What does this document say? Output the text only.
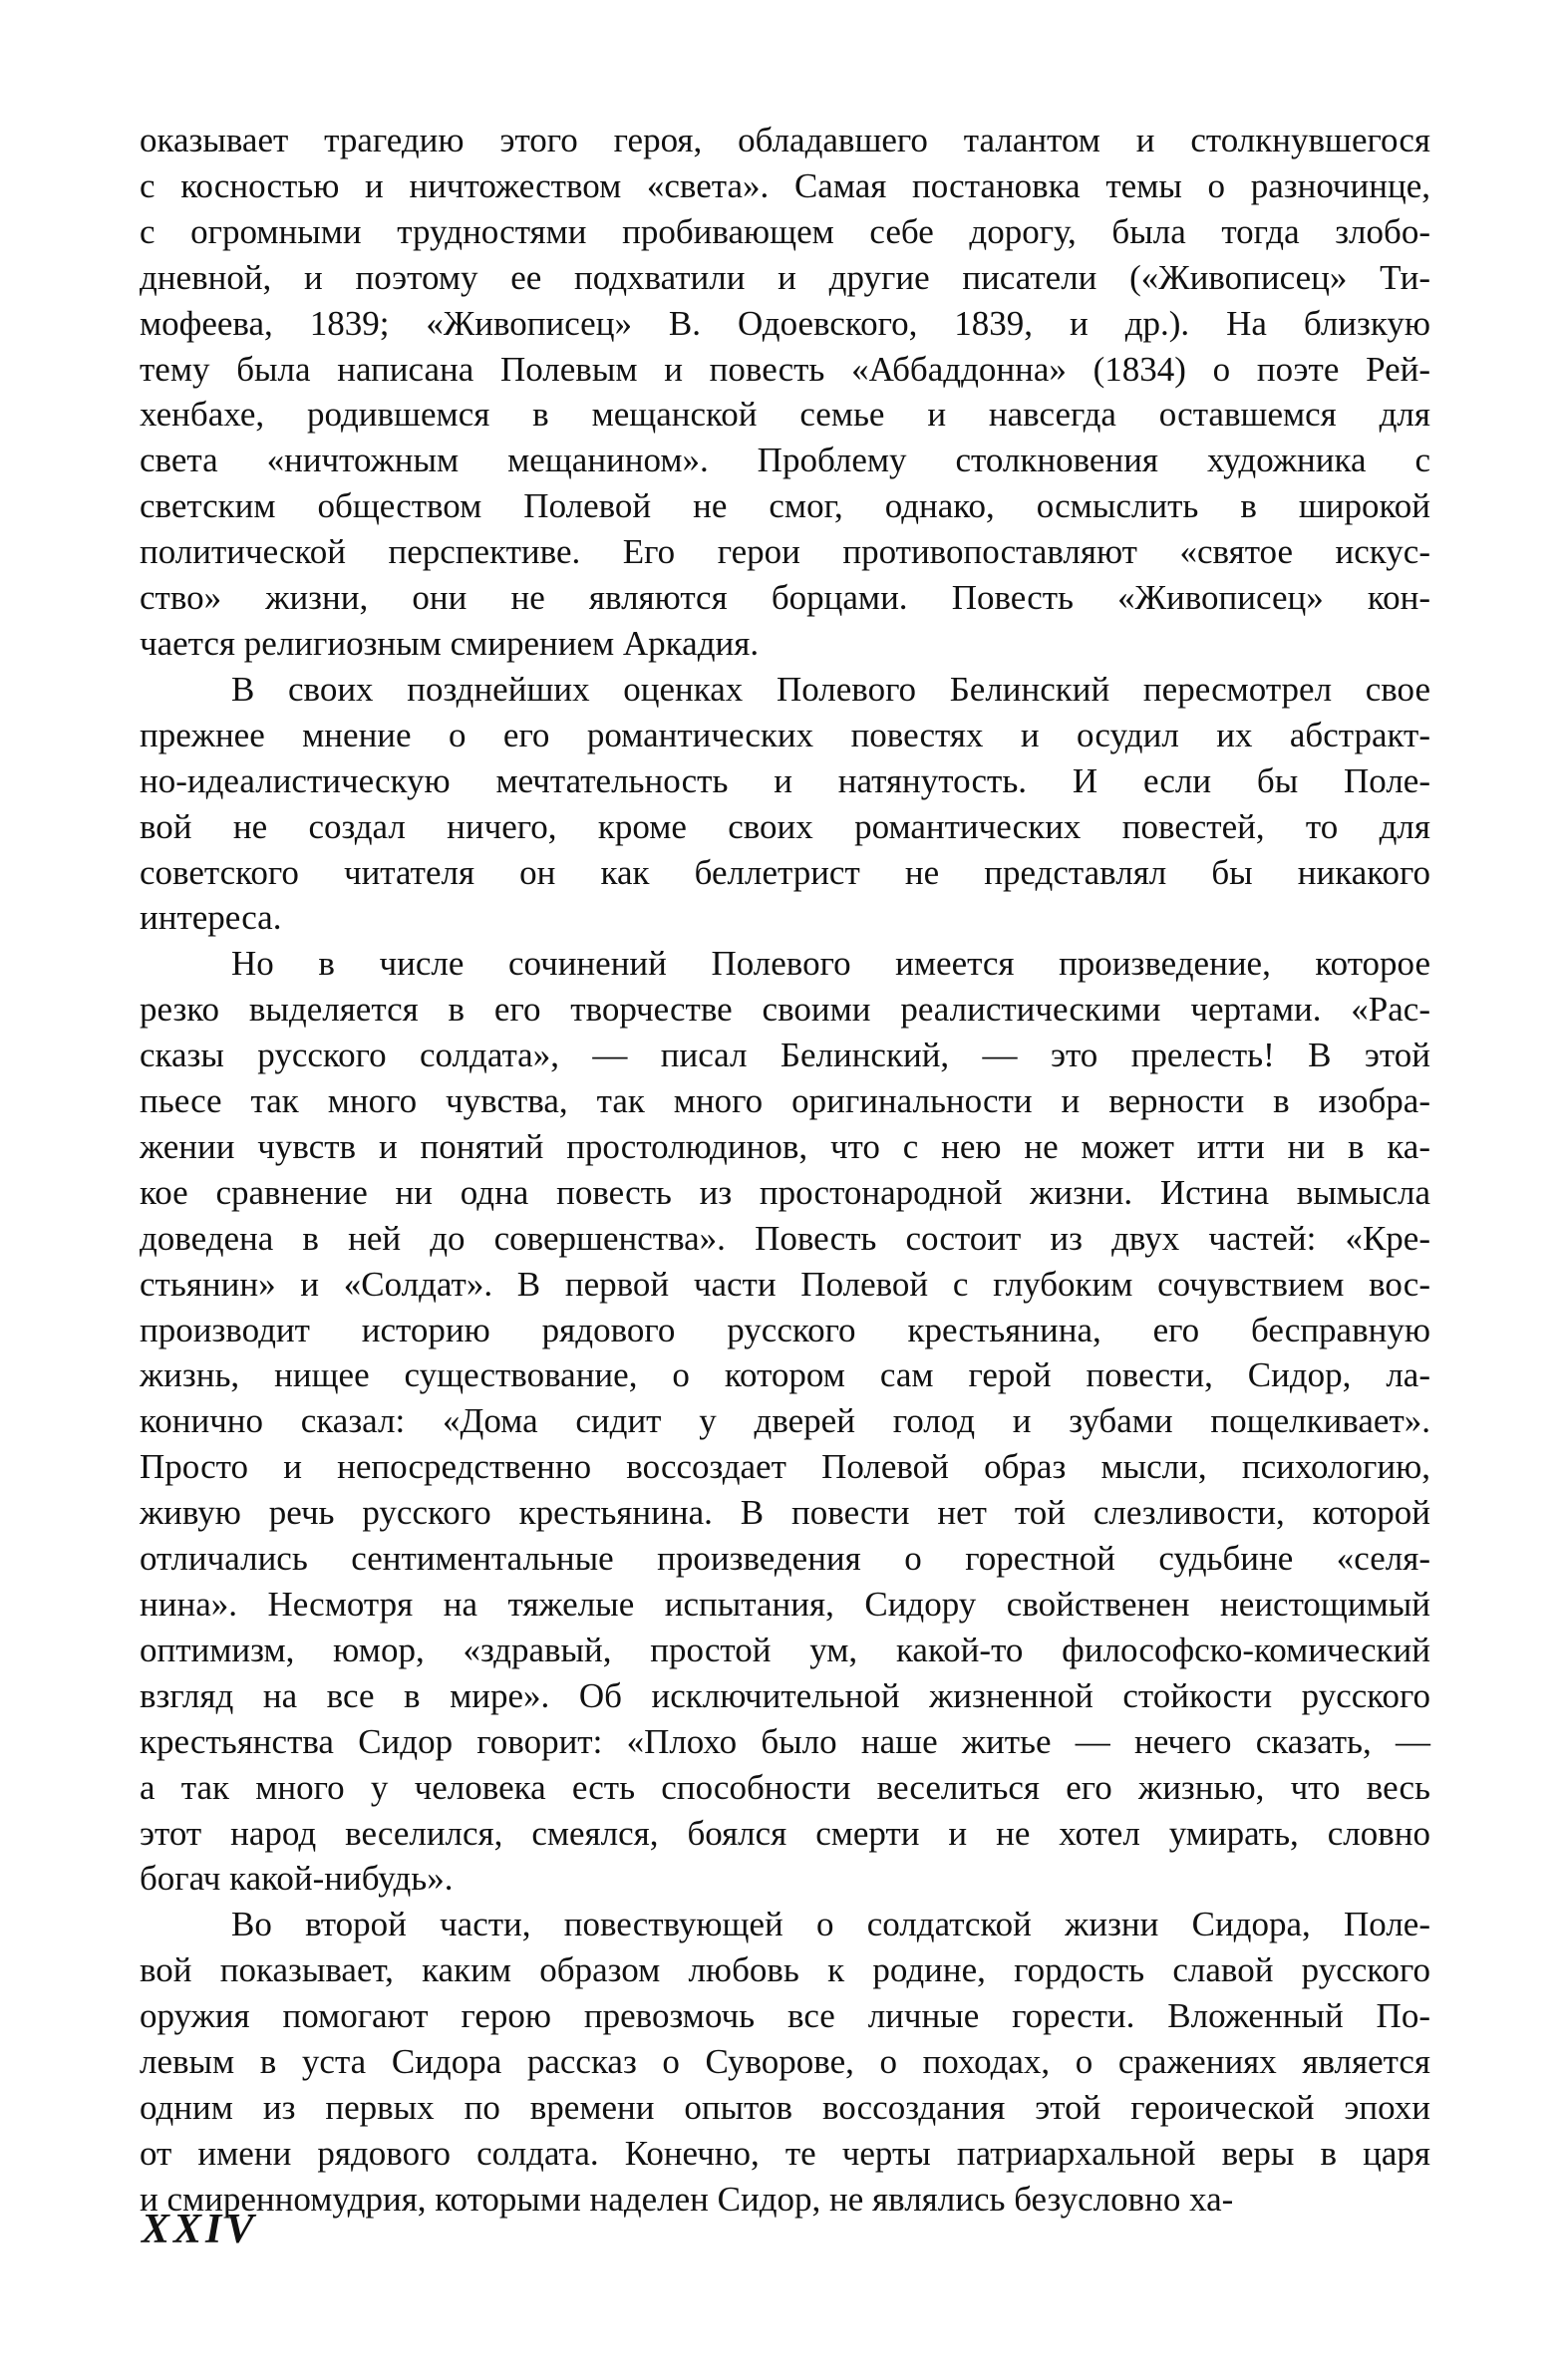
оказывает трагедию этого героя, обладавшего талантом и столкнувшегося
с косностью и ничтожеством «света». Самая постановка темы о разночинце,
с огромными трудностями пробивающем себе дорогу, была тогда злобо-
дневной, и поэтому ее подхватили и другие писатели («Живописец» Ти-
мофеева, 1839; «Живописец» В. Одоевского, 1839, и др.). На близкую
тему была написана Полевым и повесть «Аббаддонна» (1834) о поэте Рей-
хенбахе, родившемся в мещанской семье и навсегда оставшемся для
света «ничтожным мещанином». Проблему столкновения художника с
светским обществом Полевой не смог, однако, осмыслить в широкой
политической перспективе. Его герои противопоставляют «святое искус-
ство» жизни, они не являются борцами. Повесть «Живописец» кон-
чается религиозным смирением Аркадия.
В своих позднейших оценках Полевого Белинский пересмотрел свое
прежнее мнение о его романтических повестях и осудил их абстракт-
но-идеалистическую мечтательность и натянутость. И если бы Поле-
вой не создал ничего, кроме своих романтических повестей, то для
советского читателя он как беллетрист не представлял бы никакого
интереса.
Но в числе сочинений Полевого имеется произведение, которое
резко выделяется в его творчестве своими реалистическими чертами. «Рас-
сказы русского солдата», — писал Белинский, — это прелесть! В этой
пьесе так много чувства, так много оригинальности и верности в изобра-
жении чувств и понятий простолюдинов, что с нею не может итти ни в ка-
кое сравнение ни одна повесть из простонародной жизни. Истина вымысла
доведена в ней до совершенства». Повесть состоит из двух частей: «Кре-
стьянин» и «Солдат». В первой части Полевой с глубоким сочувствием вос-
производит историю рядового русского крестьянина, его бесправную
жизнь, нищее существование, о котором сам герой повести, Сидор, ла-
конично сказал: «Дома сидит у дверей голод и зубами пощелкивает».
Просто и непосредственно воссоздает Полевой образ мысли, психологию,
живую речь русского крестьянина. В повести нет той слезливости, которой
отличались сентиментальные произведения о горестной судьбине «селя-
нина». Несмотря на тяжелые испытания, Сидору свойственен неистощимый
оптимизм, юмор, «здравый, простой ум, какой-то философско-комический
взгляд на все в мире». Об исключительной жизненной стойкости русского
крестьянства Сидор говорит: «Плохо было наше житье — нечего сказать, —
а так много у человека есть способности веселиться его жизнью, что весь
этот народ веселился, смеялся, боялся смерти и не хотел умирать, словно
богач какой-нибудь».
Во второй части, повествующей о солдатской жизни Сидора, Поле-
вой показывает, каким образом любовь к родине, гордость славой русского
оружия помогают герою превозмочь все личные горести. Вложенный По-
левым в уста Сидора рассказ о Суворове, о походах, о сражениях является
одним из первых по времени опытов воссоздания этой героической эпохи
от имени рядового солдата. Конечно, те черты патриархальной веры в царя
и смиренномудрия, которыми наделен Сидор, не являлись безусловно ха-
XXIV
